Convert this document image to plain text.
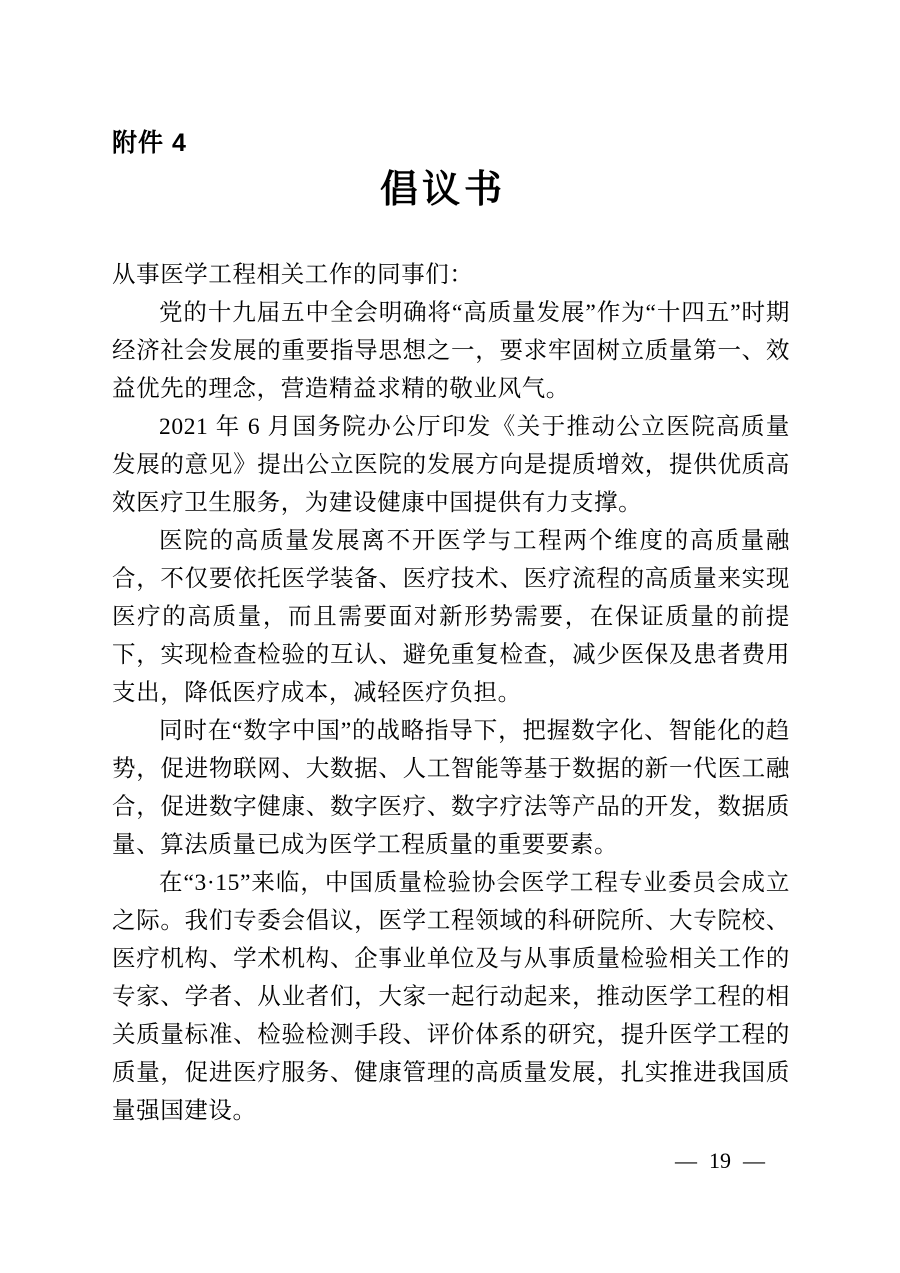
附件 4
倡议书

从事医学工程相关工作的同事们：

党的十九届五中全会明确将“高质量发展”作为“十四五”时期经济社会发展的重要指导思想之一，要求牢固树立质量第一、效益优先的理念，营造精益求精的敬业风气。

2021 年 6 月国务院办公厅印发《关于推动公立医院高质量发展的意见》提出公立医院的发展方向是提质增效，提供优质高效医疗卫生服务，为建设健康中国提供有力支撑。

医院的高质量发展离不开医学与工程两个维度的高质量融合，不仅要依托医学装备、医疗技术、医疗流程的高质量来实现医疗的高质量，而且需要面对新形势需要，在保证质量的前提下，实现检查检验的互认、避免重复检查，减少医保及患者费用支出，降低医疗成本，减轻医疗负担。

同时在“数字中国”的战略指导下，把握数字化、智能化的趋势，促进物联网、大数据、人工智能等基于数据的新一代医工融合，促进数字健康、数字医疗、数字疗法等产品的开发，数据质量、算法质量已成为医学工程质量的重要要素。

在“3·15”来临，中国质量检验协会医学工程专业委员会成立之际。我们专委会倡议，医学工程领域的科研院所、大专院校、医疗机构、学术机构、企事业单位及与从事质量检验相关工作的专家、学者、从业者们，大家一起行动起来，推动医学工程的相关质量标准、检验检测手段、评价体系的研究，提升医学工程的质量，促进医疗服务、健康管理的高质量发展，扎实推进我国质量强国建设。

— 19 —
